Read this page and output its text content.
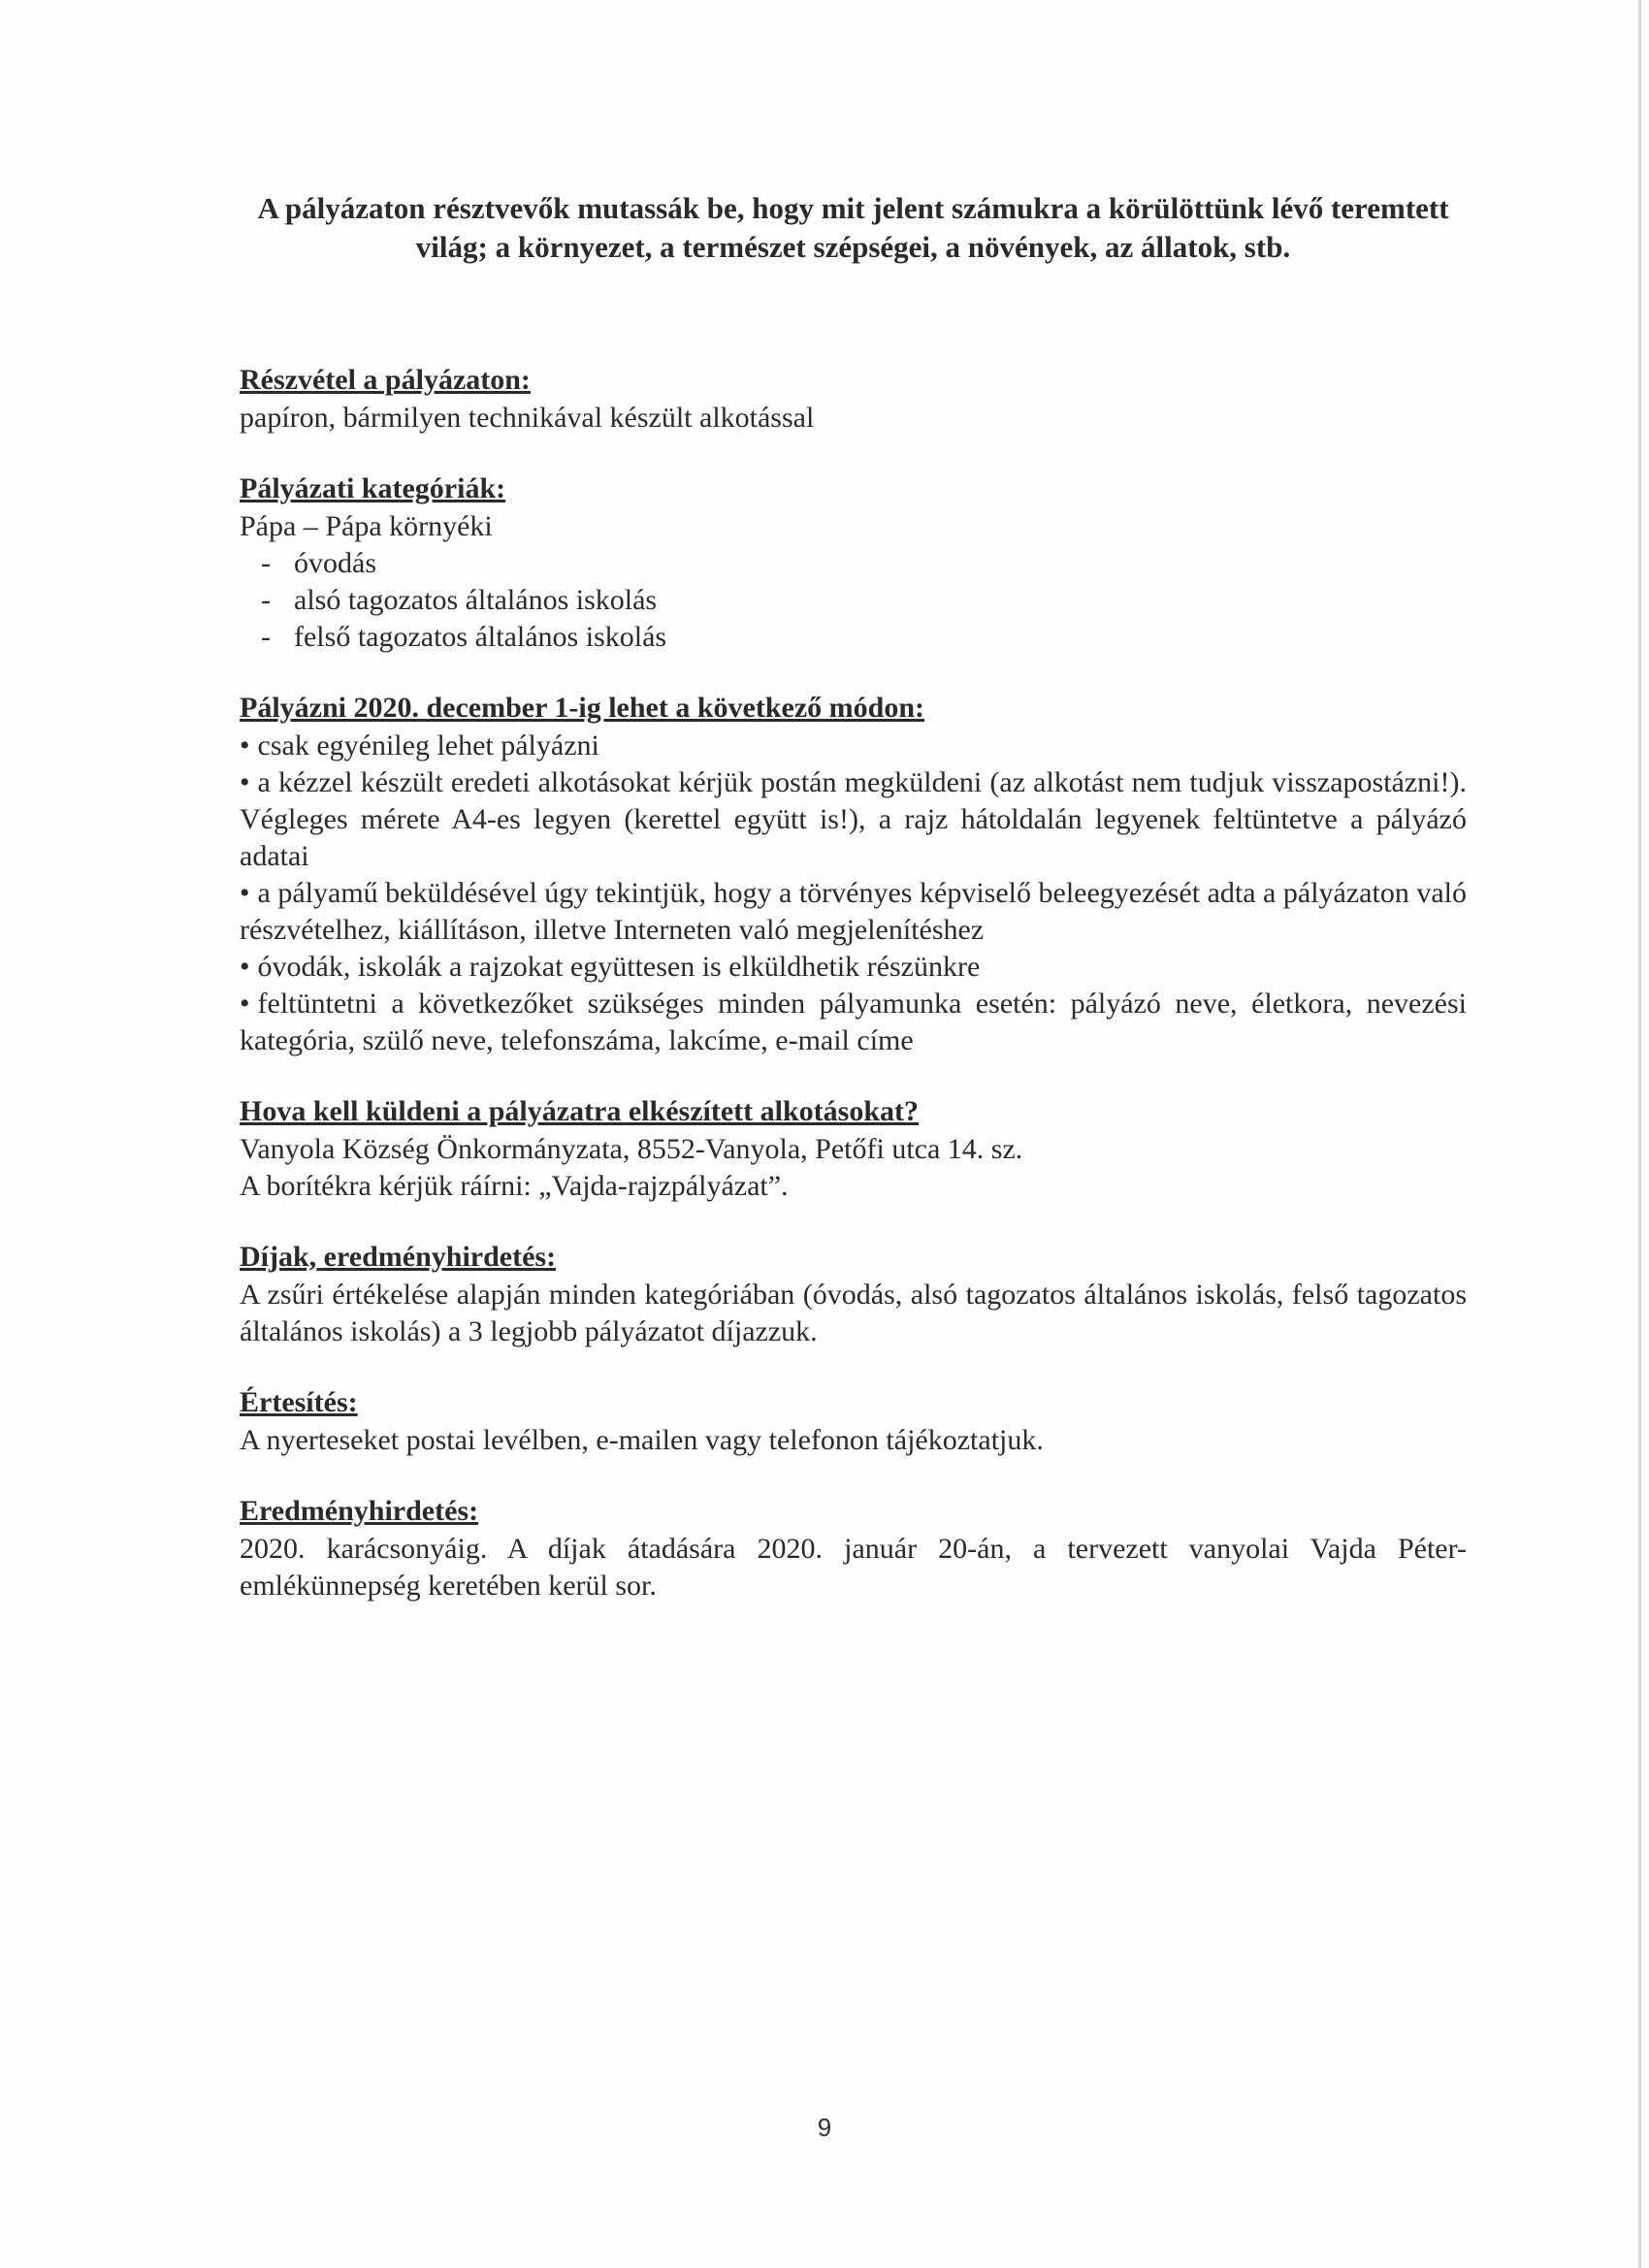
A pályázaton résztvevők mutassák be, hogy mit jelent számukra a körülöttünk lévő teremtett világ; a környezet, a természet szépségei, a növények, az állatok, stb.

Részvétel a pályázaton:

papíron, bármilyen technikával készült alkotással

Pályázati kategóriák:

Pápa – Pápa környéki

- óvodás
- alsó tagozatos általános iskolás
- felső tagozatos általános iskolás

Pályázni 2020. december 1-ig lehet a következő módon:

• csak egyénileg lehet pályázni
• a kézzel készült eredeti alkotásokat kérjük postán megküldeni (az alkotást nem tudjuk visszapostázni!). Végleges mérete A4-es legyen (kerettel együtt is!), a rajz hátoldalán legyenek feltüntetve a pályázó adatai
• a pályamű beküldésével úgy tekintjük, hogy a törvényes képviselő beleegyezését adta a pályázaton való részvételhez, kiállításon, illetve Interneten való megjelenítéshez
• óvodák, iskolák a rajzokat együttesen is elküldhetik részünkre
• feltüntetni a következőket szükséges minden pályamunka esetén: pályázó neve, életkora, nevezési kategória, szülő neve, telefonszáma, lakcíme, e-mail címe

Hova kell küldeni a pályázatra elkészített alkotásokat?

Vanyola Község Önkormányzata, 8552-Vanyola, Petőfi utca 14. sz.

A borítékra kérjük ráírni: „Vajda-rajzpályázat”.

Díjak, eredményhirdetés:

A zsűri értékelése alapján minden kategóriában (óvodás, alsó tagozatos általános iskolás, felső tagozatos általános iskolás) a 3 legjobb pályázatot díjazzuk.

Értesítés:

A nyerteseket postai levélben, e-mailen vagy telefonon tájékoztatjuk.

Eredményhirdetés:

2020. karácsonyáig. A díjak átadására 2020. január 20-án, a tervezett vanyolai Vajda Péter-emlékünnepség keretében kerül sor.

9
